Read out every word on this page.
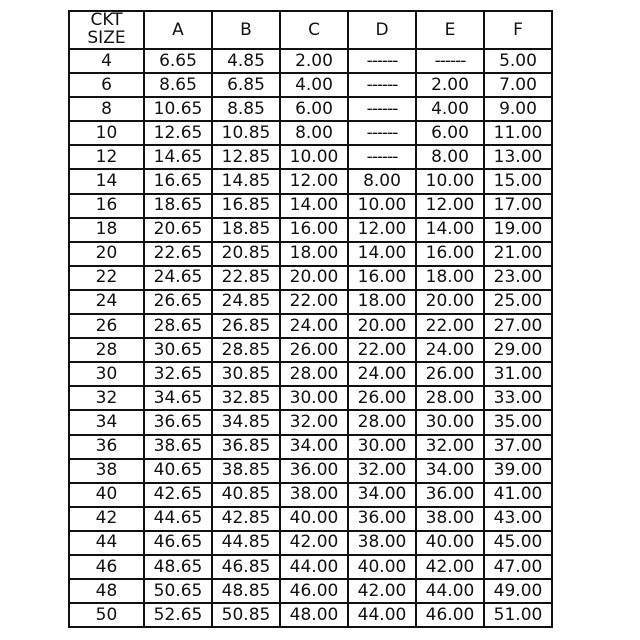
CKT
SIZE	A	B	C	D	E	F
4	6.65	4.85	2.00	------	------	5.00
6	8.65	6.85	4.00	------	2.00	7.00
8	10.65	8.85	6.00	------	4.00	9.00
10	12.65	10.85	8.00	------	6.00	11.00
12	14.65	12.85	10.00	------	8.00	13.00
14	16.65	14.85	12.00	8.00	10.00	15.00
16	18.65	16.85	14.00	10.00	12.00	17.00
18	20.65	18.85	16.00	12.00	14.00	19.00
20	22.65	20.85	18.00	14.00	16.00	21.00
22	24.65	22.85	20.00	16.00	18.00	23.00
24	26.65	24.85	22.00	18.00	20.00	25.00
26	28.65	26.85	24.00	20.00	22.00	27.00
28	30.65	28.85	26.00	22.00	24.00	29.00
30	32.65	30.85	28.00	24.00	26.00	31.00
32	34.65	32.85	30.00	26.00	28.00	33.00
34	36.65	34.85	32.00	28.00	30.00	35.00
36	38.65	36.85	34.00	30.00	32.00	37.00
38	40.65	38.85	36.00	32.00	34.00	39.00
40	42.65	40.85	38.00	34.00	36.00	41.00
42	44.65	42.85	40.00	36.00	38.00	43.00
44	46.65	44.85	42.00	38.00	40.00	45.00
46	48.65	46.85	44.00	40.00	42.00	47.00
48	50.65	48.85	46.00	42.00	44.00	49.00
50	52.65	50.85	48.00	44.00	46.00	51.00
